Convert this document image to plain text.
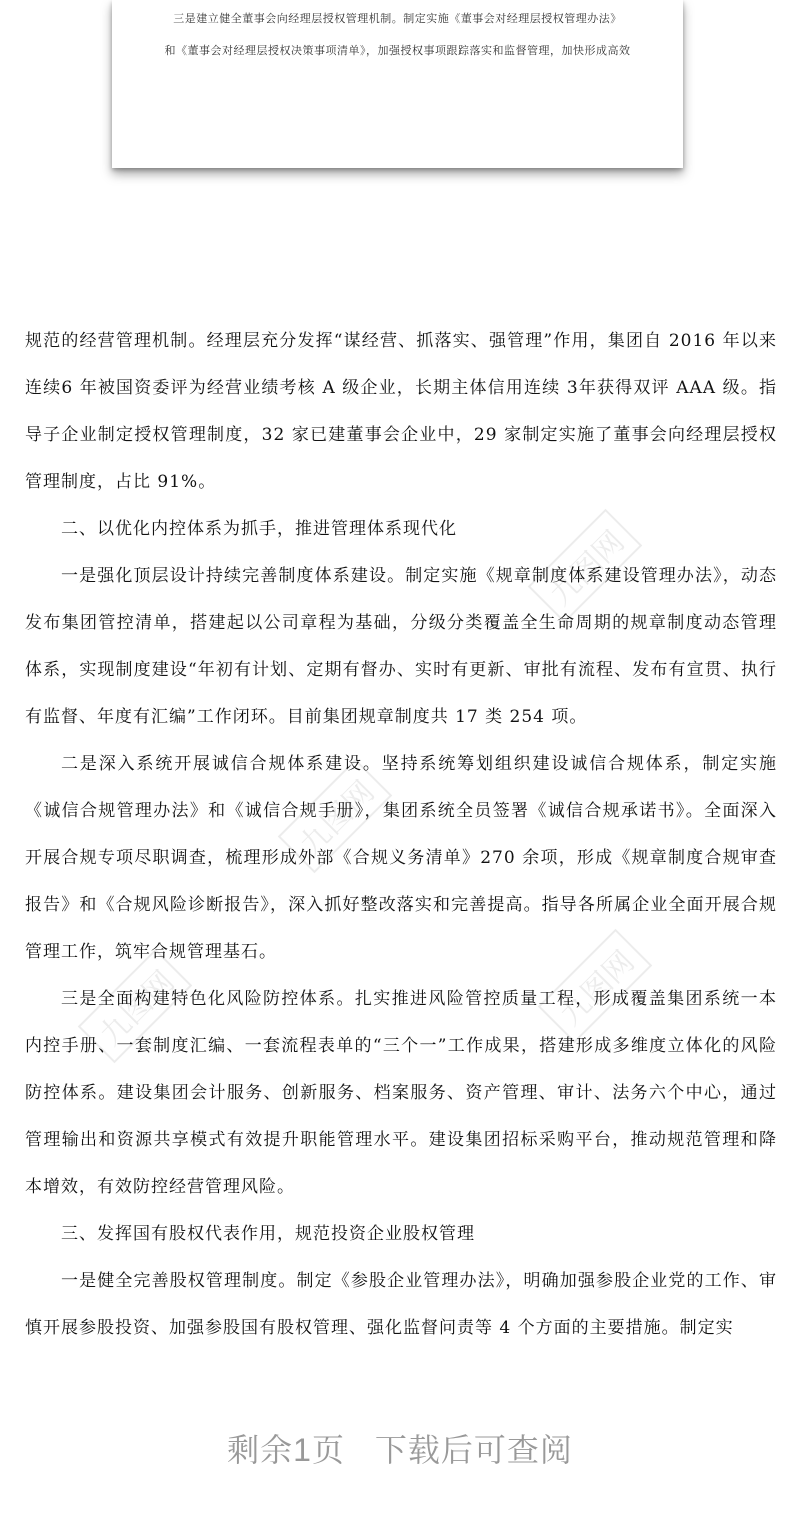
三是建立健全董事会向经理层授权管理机制。制定实施《董事会对经理层授权管理办法》
和《董事会对经理层授权决策事项清单》，加强授权事项跟踪落实和监督管理，加快形成高效
九图网
九图网
九图网
九图网

规范的经营管理机制。经理层充分发挥“谋经营、抓落实、强管理”作用，集团自 2016 年以来连续6 年被国资委评为经营业绩考核 A 级企业，长期主体信用连续 3年获得双评 AAA 级。指导子企业制定授权管理制度，32 家已建董事会企业中，29 家制定实施了董事会向经理层授权管理制度，占比 91%。

二、以优化内控体系为抓手，推进管理体系现代化

一是强化顶层设计持续完善制度体系建设。制定实施《规章制度体系建设管理办法》，动态发布集团管控清单，搭建起以公司章程为基础，分级分类覆盖全生命周期的规章制度动态管理体系，实现制度建设“年初有计划、定期有督办、实时有更新、审批有流程、发布有宣贯、执行有监督、年度有汇编”工作闭环。目前集团规章制度共 17 类 254 项。

二是深入系统开展诚信合规体系建设。坚持系统筹划组织建设诚信合规体系，制定实施《诚信合规管理办法》和《诚信合规手册》，集团系统全员签署《诚信合规承诺书》。全面深入开展合规专项尽职调查，梳理形成外部《合规义务清单》270 余项，形成《规章制度合规审查报告》和《合规风险诊断报告》，深入抓好整改落实和完善提高。指导各所属企业全面开展合规管理工作，筑牢合规管理基石。

三是全面构建特色化风险防控体系。扎实推进风险管控质量工程，形成覆盖集团系统一本内控手册、一套制度汇编、一套流程表单的“三个一”工作成果，搭建形成多维度立体化的风险防控体系。建设集团会计服务、创新服务、档案服务、资产管理、审计、法务六个中心，通过管理输出和资源共享模式有效提升职能管理水平。建设集团招标采购平台，推动规范管理和降本增效，有效防控经营管理风险。

三、发挥国有股权代表作用，规范投资企业股权管理

一是健全完善股权管理制度。制定《参股企业管理办法》，明确加强参股企业党的工作、审慎开展参股投资、加强参股国有股权管理、强化监督问责等 4 个方面的主要措施。制定实

剩余1页 下载后可查阅
